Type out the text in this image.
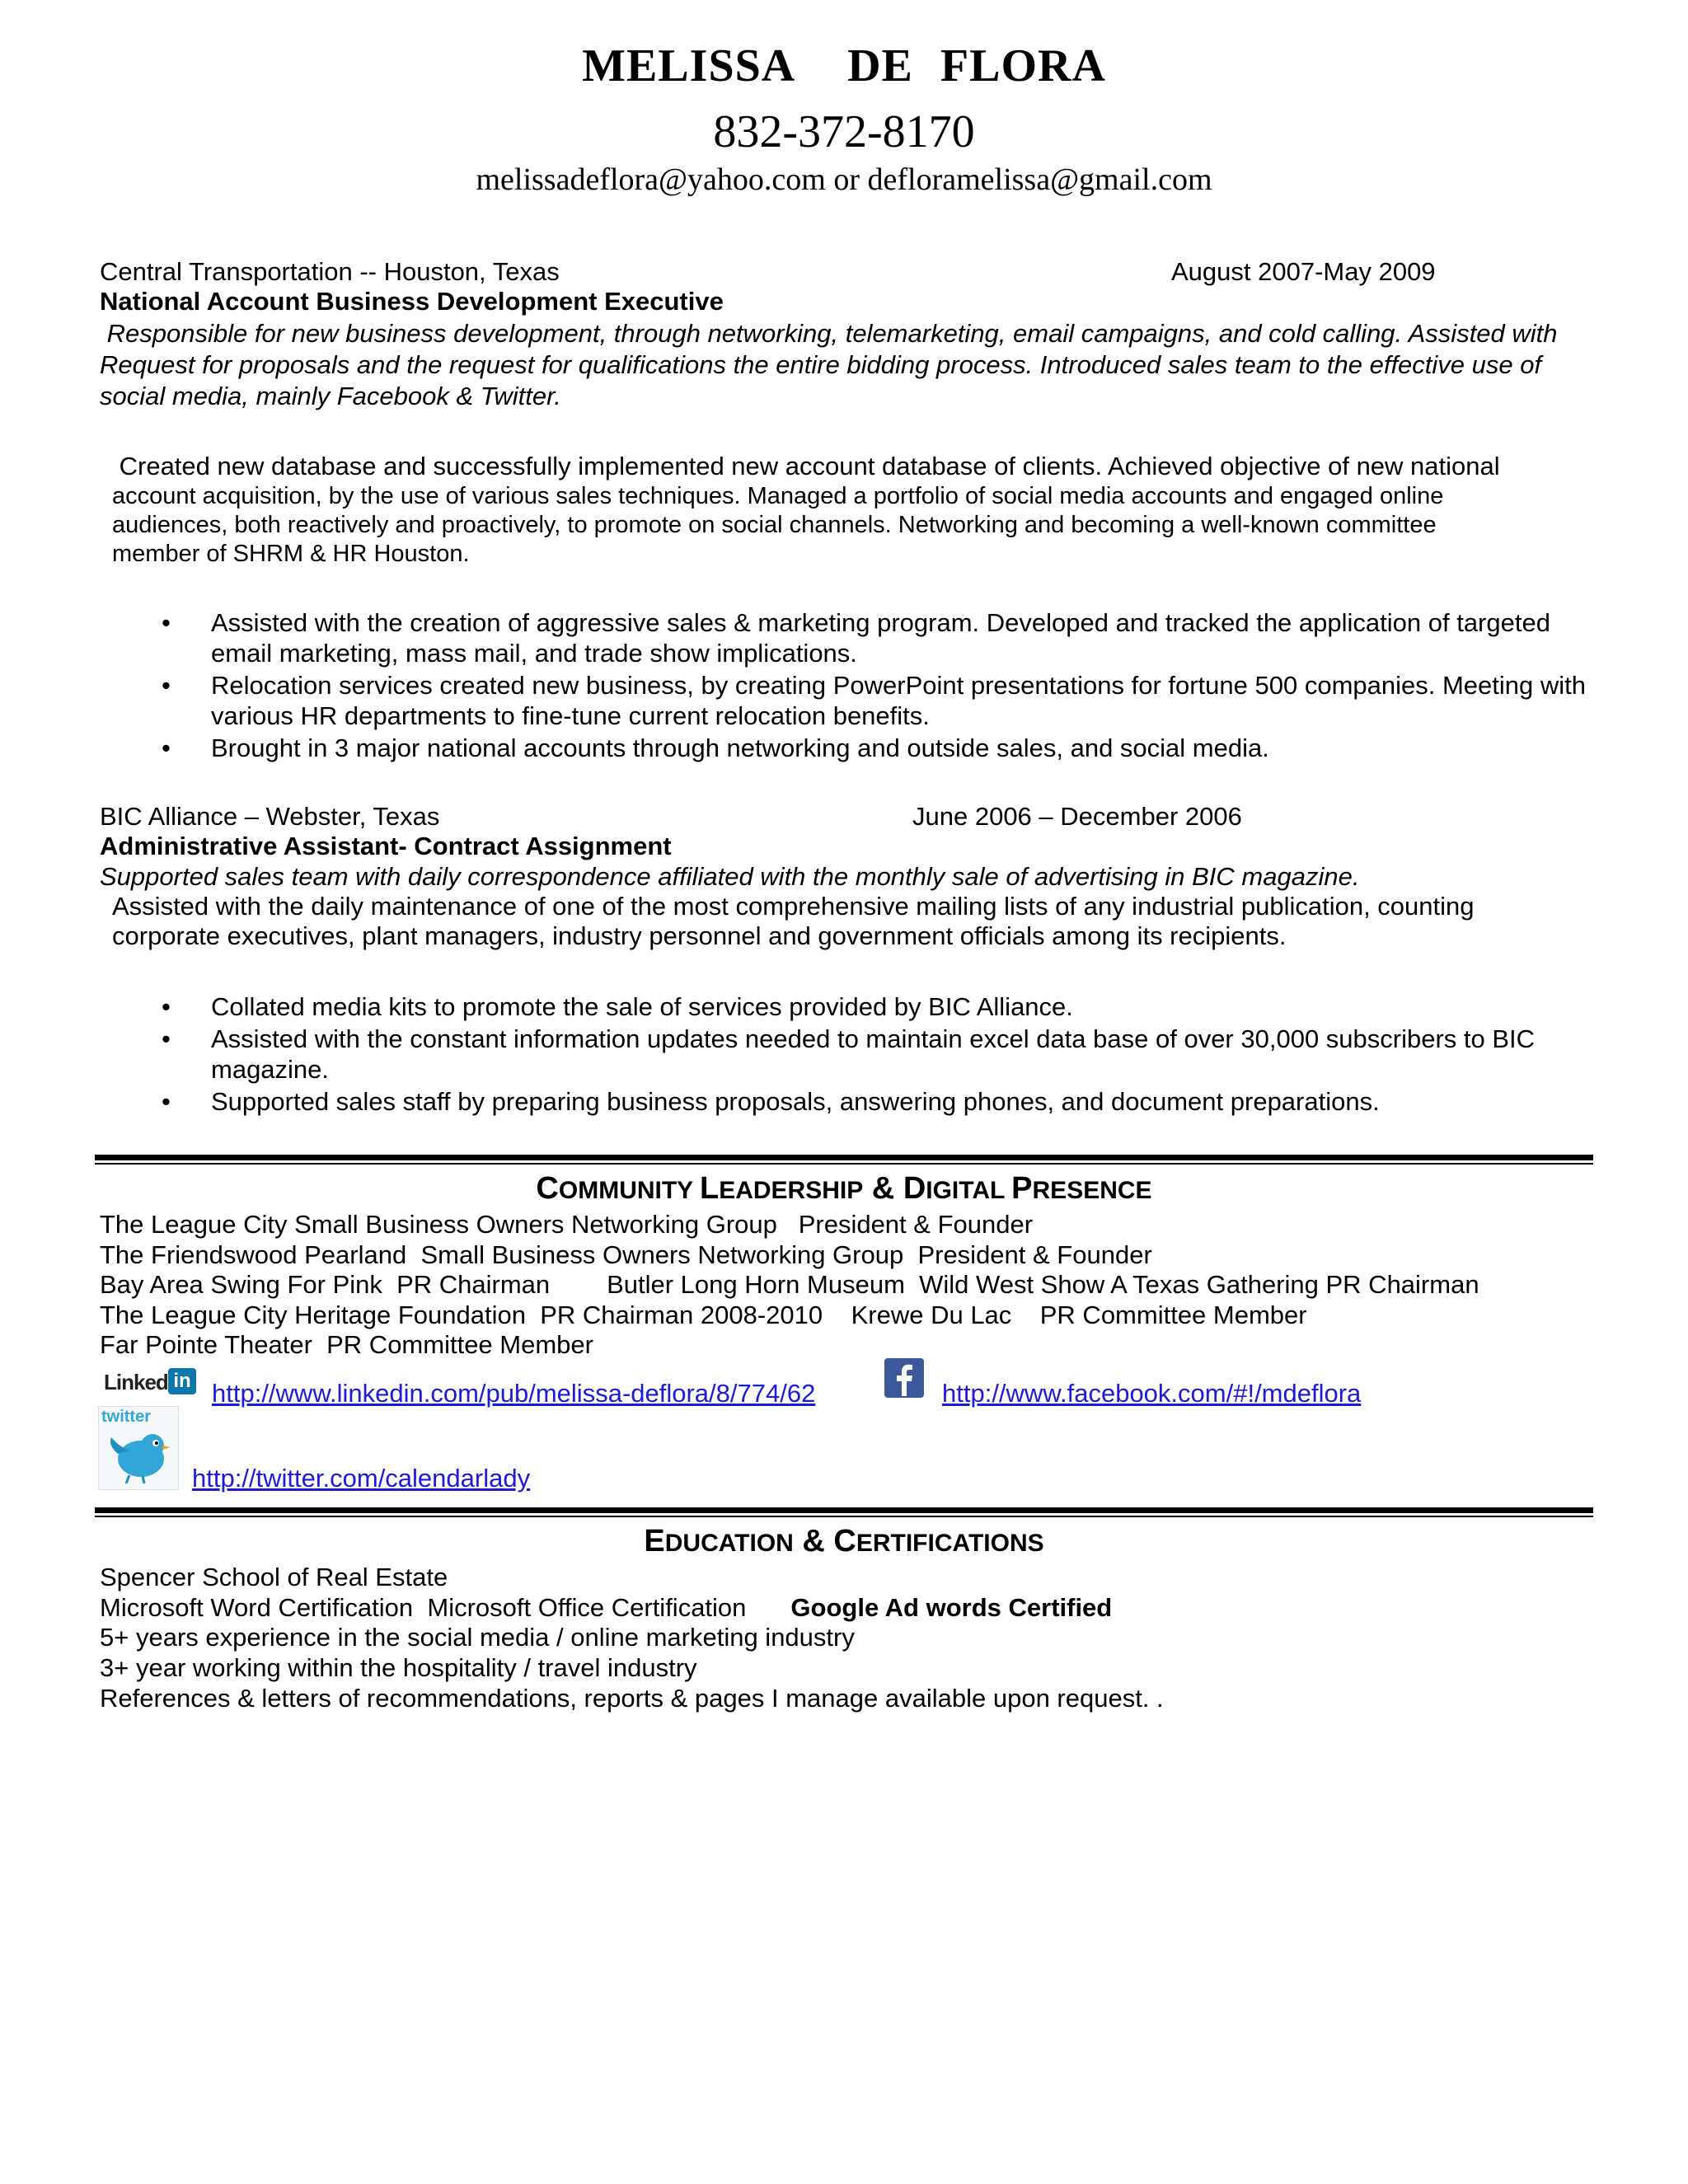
MELISSA  DE FLORA
832-372-8170
melissadeflora@yahoo.com or defloramelissa@gmail.com
Central Transportation -- Houston, Texas	August 2007-May 2009
National Account Business Development Executive
Responsible for new business development, through networking, telemarketing, email campaigns, and cold calling. Assisted with Request for proposals and the request for qualifications the entire bidding process. Introduced sales team to the effective use of social media, mainly Facebook & Twitter.
Created new database and successfully implemented new account database of clients. Achieved objective of new national
account acquisition, by the use of various sales techniques. Managed a portfolio of social media accounts and engaged online
audiences, both reactively and proactively, to promote on social channels. Networking and becoming a well-known committee
member of SHRM & HR Houston.
• Assisted with the creation of aggressive sales & marketing program. Developed and tracked the application of targeted email marketing, mass mail, and trade show implications.
• Relocation services created new business, by creating PowerPoint presentations for fortune 500 companies. Meeting with various HR departments to fine-tune current relocation benefits.
• Brought in 3 major national accounts through networking and outside sales, and social media.
BIC Alliance – Webster, Texas	June 2006 – December 2006
Administrative Assistant- Contract Assignment
Supported sales team with daily correspondence affiliated with the monthly sale of advertising in BIC magazine.
Assisted with the daily maintenance of one of the most comprehensive mailing lists of any industrial publication, counting
corporate executives, plant managers, industry personnel and government officials among its recipients.
• Collated media kits to promote the sale of services provided by BIC Alliance.
• Assisted with the constant information updates needed to maintain excel data base of over 30,000 subscribers to BIC magazine.
• Supported sales staff by preparing business proposals, answering phones, and document preparations.
COMMUNITY LEADERSHIP & DIGITAL PRESENCE
The League City Small Business Owners Networking Group   President & Founder
The Friendswood Pearland  Small Business Owners Networking Group  President & Founder
Bay Area Swing For Pink  PR Chairman        Butler Long Horn Museum  Wild West Show A Texas Gathering PR Chairman
The League City Heritage Foundation  PR Chairman 2008-2010    Krewe Du Lac    PR Committee Member
Far Pointe Theater  PR Committee Member
Linked in http://www.linkedin.com/pub/melissa-deflora/8/774/62	http://www.facebook.com/#!/mdeflora
twitter
http://twitter.com/calendarlady
EDUCATION & CERTIFICATIONS
Spencer School of Real Estate
Microsoft Word Certification  Microsoft Office Certification Google Ad words Certified
5+ years experience in the social media / online marketing industry
3+ year working within the hospitality / travel industry
References & letters of recommendations, reports & pages I manage available upon request. .
